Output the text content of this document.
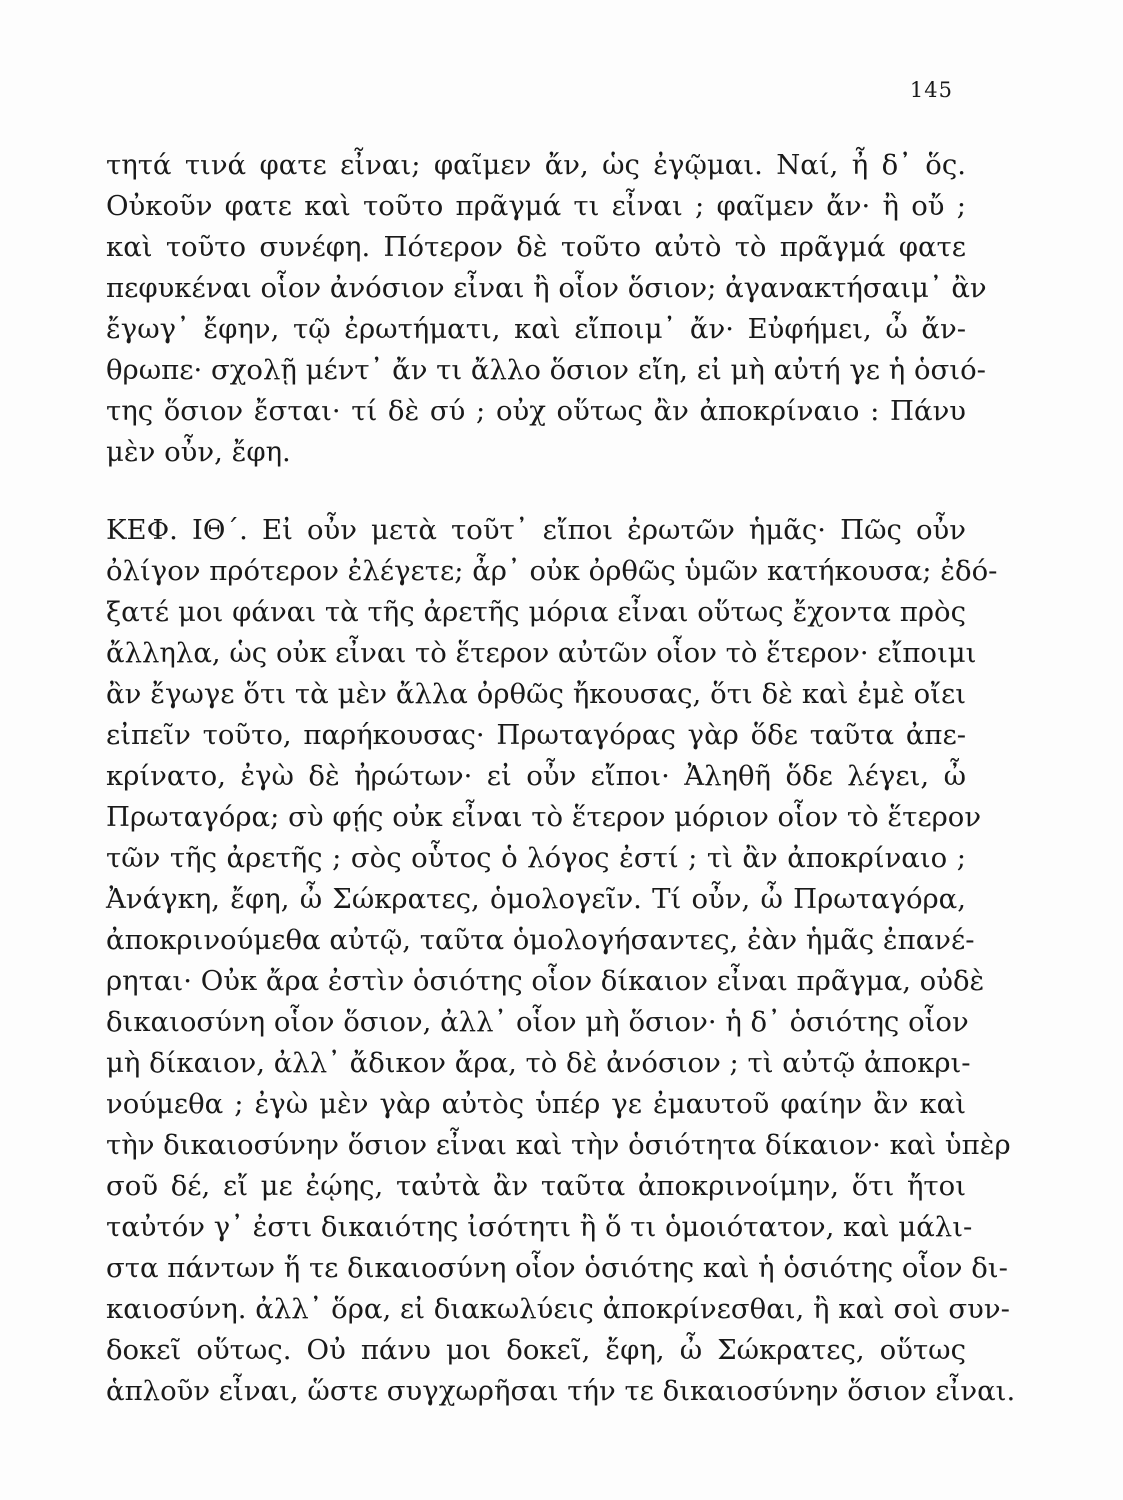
145
τητά τινά φατε εἶναι; φαῖμεν ἄν, ὡς ἐγῷμαι. Ναί, ἦ δ᾽ ὅς.
Οὐκοῦν φατε καὶ τοῦτο πρᾶγμά τι εἶναι ; φαῖμεν ἄν· ἢ οὔ ;
καὶ τοῦτο συνέφη. Πότερον δὲ τοῦτο αὐτὸ τὸ πρᾶγμά φατε
πεφυκέναι οἷον ἀνόσιον εἶναι ἢ οἷον ὅσιον; ἀγανακτήσαιμ᾽ ἂν
ἔγωγ᾽ ἔφην, τῷ ἐρωτήματι, καὶ εἴποιμ᾽ ἄν· Εὐφήμει, ὦ ἄν-
θρωπε· σχολῇ μέντ᾽ ἄν τι ἄλλο ὅσιον εἴη, εἰ μὴ αὐτή γε ἡ ὁσιό-
της ὅσιον ἔσται· τί δὲ σύ ; οὐχ οὕτως ἂν ἀποκρίναιο : Πάνυ
μὲν οὖν, ἔφη.
ΚΕΦ. ΙΘ΄. Εἰ οὖν μετὰ τοῦτ᾽ εἴποι ἐρωτῶν ἡμᾶς· Πῶς οὖν
ὀλίγον πρότερον ἐλέγετε; ἆρ᾽ οὐκ ὀρθῶς ὑμῶν κατήκουσα; ἐδό-
ξατέ μοι φάναι τὰ τῆς ἀρετῆς μόρια εἶναι οὕτως ἔχοντα πρὸς
ἄλληλα, ὡς οὐκ εἶναι τὸ ἕτερον αὐτῶν οἷον τὸ ἕτερον· εἴποιμι
ἂν ἔγωγε ὅτι τὰ μὲν ἄλλα ὀρθῶς ἤκουσας, ὅτι δὲ καὶ ἐμὲ οἴει
εἰπεῖν τοῦτο, παρήκουσας· Πρωταγόρας γὰρ ὅδε ταῦτα ἀπε-
κρίνατο, ἐγὼ δὲ ἠρώτων· εἰ οὖν εἴποι· Ἀληθῆ ὅδε λέγει, ὦ
Πρωταγόρα; σὺ φῄς οὐκ εἶναι τὸ ἕτερον μόριον οἷον τὸ ἕτερον
τῶν τῆς ἀρετῆς ; σὸς οὗτος ὁ λόγος ἐστί ; τὶ ἂν ἀποκρίναιο ;
Ἀνάγκη, ἔφη, ὦ Σώκρατες, ὁμολογεῖν. Τί οὖν, ὦ Πρωταγόρα,
ἀποκρινούμεθα αὐτῷ, ταῦτα ὁμολογήσαντες, ἐὰν ἡμᾶς ἐπανέ-
ρηται· Οὐκ ἄρα ἐστὶν ὁσιότης οἷον δίκαιον εἶναι πρᾶγμα, οὐδὲ
δικαιοσύνη οἷον ὅσιον, ἀλλ᾽ οἷον μὴ ὅσιον· ἡ δ᾽ ὁσιότης οἷον
μὴ δίκαιον, ἀλλ᾽ ἄδικον ἄρα, τὸ δὲ ἀνόσιον ; τὶ αὐτῷ ἀποκρι-
νούμεθα ; ἐγὼ μὲν γὰρ αὐτὸς ὑπέρ γε ἐμαυτοῦ φαίην ἂν καὶ
τὴν δικαιοσύνην ὅσιον εἶναι καὶ τὴν ὁσιότητα δίκαιον· καὶ ὑπὲρ
σοῦ δέ, εἴ με ἐῴης, ταὐτὰ ἂν ταῦτα ἀποκρινοίμην, ὅτι ἤτοι
ταὐτόν γ᾽ ἐστι δικαιότης ἰσότητι ἢ ὅ τι ὁμοιότατον, καὶ μάλι-
στα πάντων ἥ τε δικαιοσύνη οἷον ὁσιότης καὶ ἡ ὁσιότης οἷον δι-
καιοσύνη. ἀλλ᾽ ὅρα, εἰ διακωλύεις ἀποκρίνεσθαι, ἢ καὶ σοὶ συν-
δοκεῖ οὕτως. Οὐ πάνυ μοι δοκεῖ, ἔφη, ὦ Σώκρατες, οὕτως
ἁπλοῦν εἶναι, ὥστε συγχωρῆσαι τήν τε δικαιοσύνην ὅσιον εἶναι.
